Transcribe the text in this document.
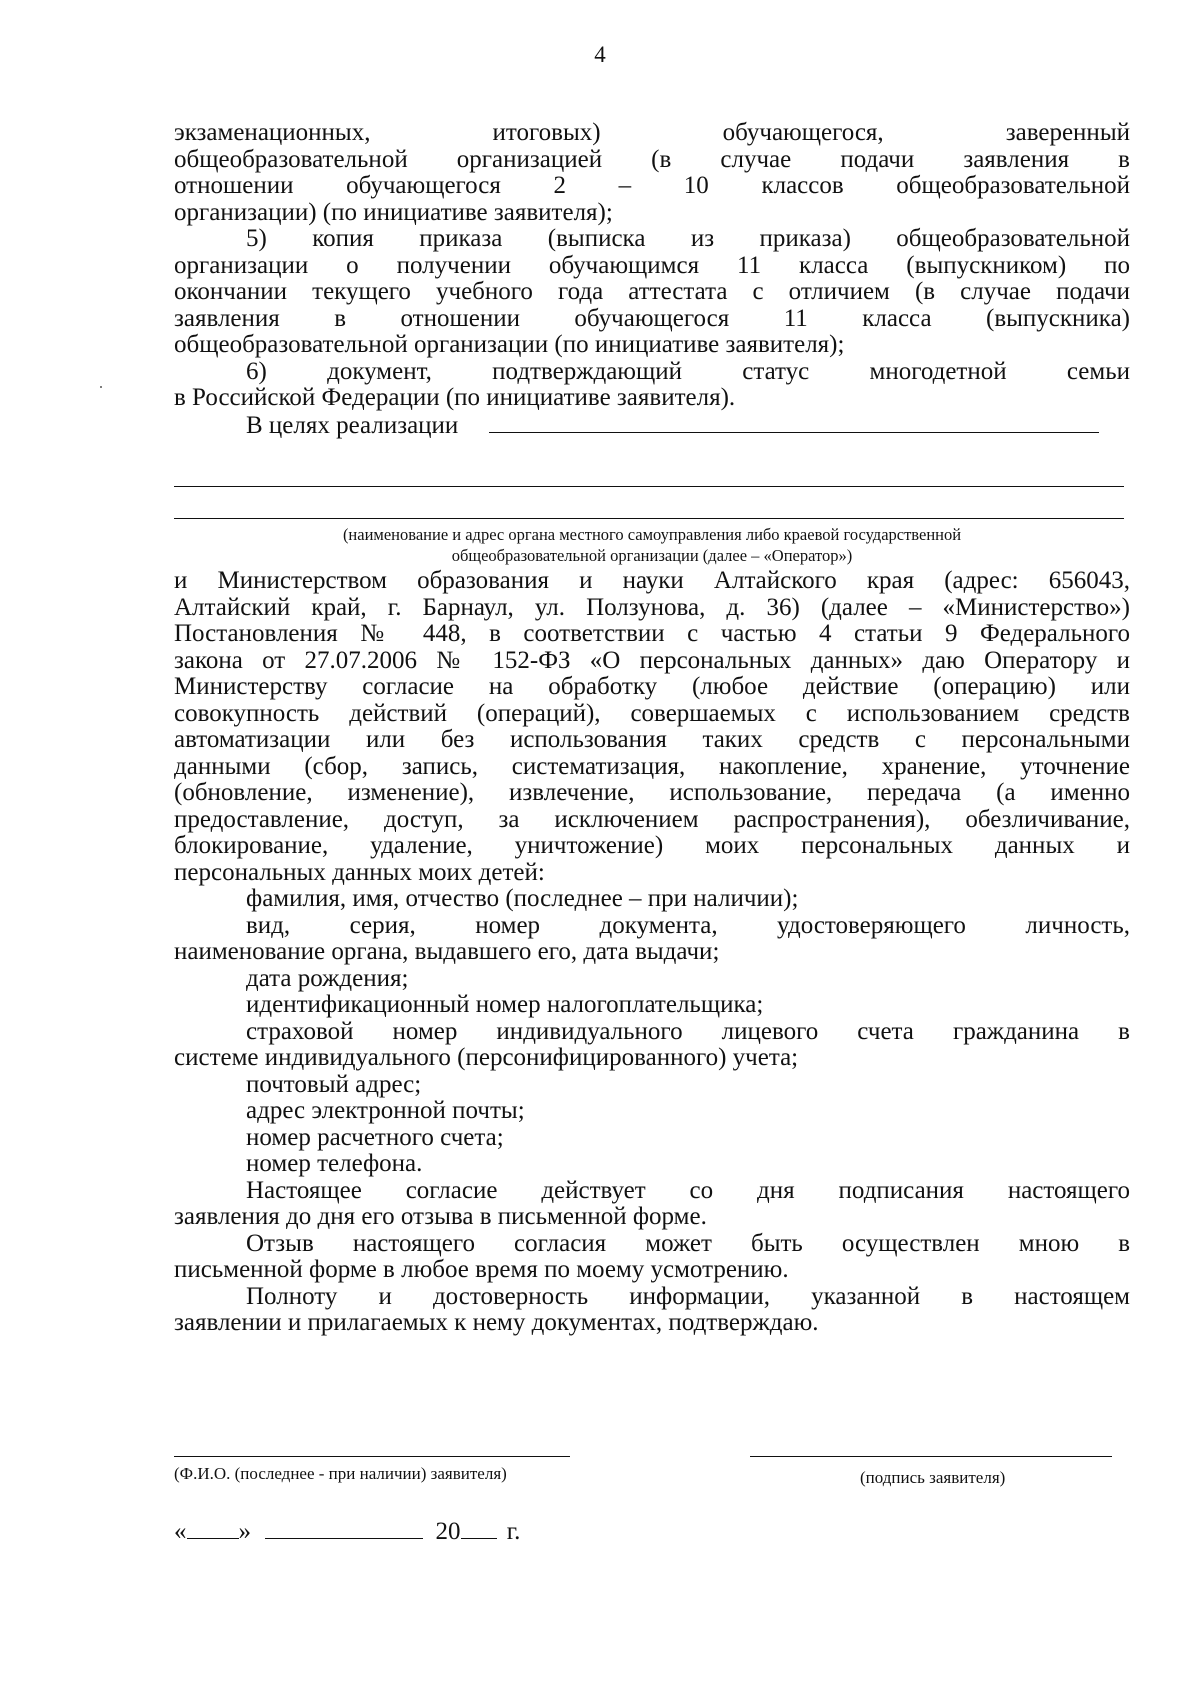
4

экзаменационных, итоговых) обучающегося, заверенный

общеобразовательной организацией (в случае подачи заявления в

отношении обучающегося 2 – 10 классов общеобразовательной

организации) (по инициативе заявителя);

5) копия приказа (выписка из приказа) общеобразовательной

организации о получении обучающимся 11 класса (выпускником) по

окончании текущего учебного года аттестата с отличием (в случае подачи

заявления в отношении обучающегося 11 класса (выпускника)

общеобразовательной организации (по инициативе заявителя);

6) документ, подтверждающий статус многодетной семьи

в Российской Федерации (по инициативе заявителя).

В целях реализации

(наименование и адрес органа местного самоуправления либо краевой государственной
общеобразовательной организации (далее – «Оператор»)

и Министерством образования и науки Алтайского края (адрес: 656043,

Алтайский край, г. Барнаул, ул. Ползунова, д. 36) (далее – «Министерство»)

Постановления № 448, в соответствии с частью 4 статьи 9 Федерального

закона от 27.07.2006 № 152-ФЗ «О персональных данных» даю Оператору и

Министерству согласие на обработку (любое действие (операцию) или

совокупность действий (операций), совершаемых с использованием средств

автоматизации или без использования таких средств с персональными

данными (сбор, запись, систематизация, накопление, хранение, уточнение

(обновление, изменение), извлечение, использование, передача (а именно

предоставление, доступ, за исключением распространения), обезличивание,

блокирование, удаление, уничтожение) моих персональных данных и

персональных данных моих детей:

фамилия, имя, отчество (последнее – при наличии);

вид, серия, номер документа, удостоверяющего личность,

наименование органа, выдавшего его, дата выдачи;

дата рождения;

идентификационный номер налогоплательщика;

страховой номер индивидуального лицевого счета гражданина в

системе индивидуального (персонифицированного) учета;

почтовый адрес;

адрес электронной почты;

номер расчетного счета;

номер телефона.

Настоящее согласие действует со дня подписания настоящего

заявления до дня его отзыва в письменной форме.

Отзыв настоящего согласия может быть осуществлен мною в

письменной форме в любое время по моему усмотрению.

Полноту и достоверность информации, указанной в настоящем

заявлении и прилагаемых к нему документах, подтверждаю.

(Ф.И.О. (последнее - при наличии) заявителя)	(подпись заявителя)
« »	20 г.
